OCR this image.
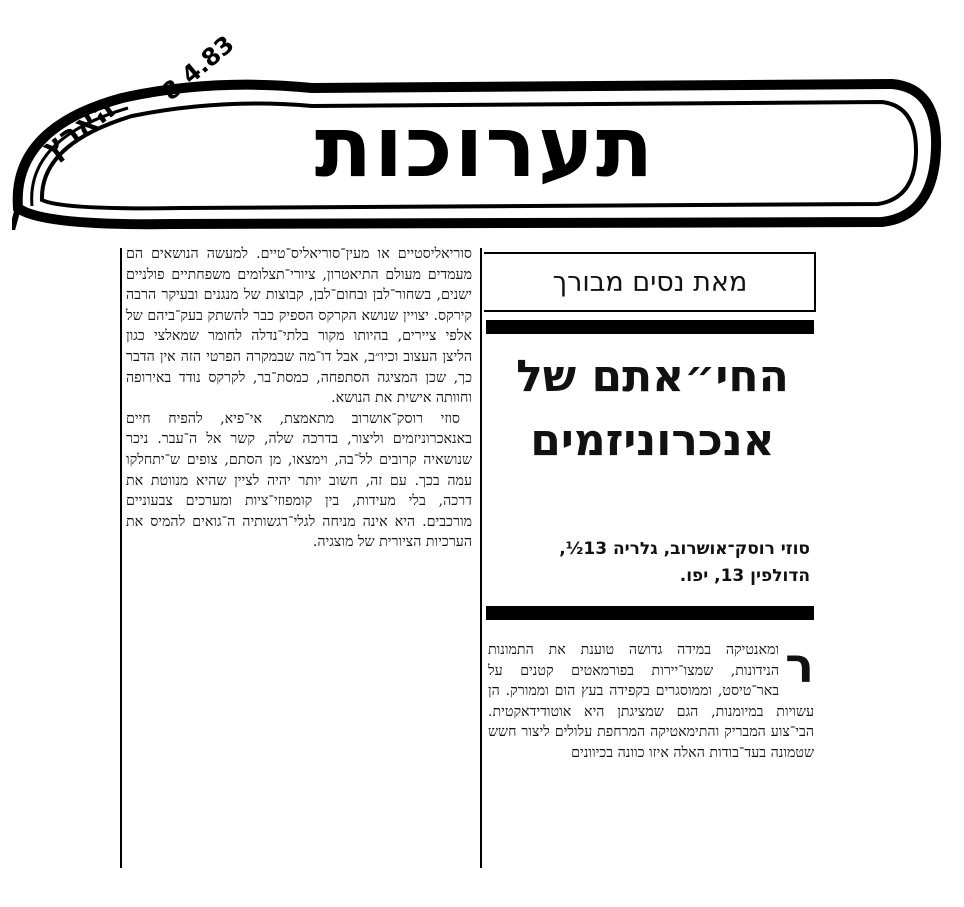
תערוכות
הארץ
8.4.83

סוריאליסטיים או מעין־סוריאליס־טיים. למעשה הנושאים הם מעמדים מעולם התיאטרון, ציורי־תצלומים משפחתיים פולניים ישנים, בשחור־לבן ובחום־לבן, קבוצות של מנגנים ובעיקר הרבה קירקס. יצויין שנושא הקרקס הספיק כבר להשתק בעק־ביהם של אלפי ציירים, בהיותו מקור בלתי־נדלה לחומר שמאלצי כגון הליצן העצוב וכיו״ב, אבל דו־מה שבמקרה הפרטי הזה אין הדבר כך, שכן המציגה הסתפחה, כמסת־בר, לקרקס נודד באירופה וחוותה אישית את הנושא.

סוזי רוסק־אושרוב מתאמצת, אי־פיא, להפיח חיים באנאכרוניזמים וליצור, בדרכה שלה, קשר אל ה־עבר. ניכר שנושאיה קרובים לל־בה, וימצאו, מן הסתם, צופים ש־יתחלקו עמה בכך. עם זה, חשוב יותר יהיה לציין שהיא מנווטת את דרכה, בלי מעידות, בין קומפוזי־ציות ומערכים צבעוניים מורכבים. היא אינה מניחה לגלי־רגשותיה ה־גואים להמיס את הערכיות הציורית של מוצגיה.

מאת נסים מבורך
החי״אתם של
אנכרוניזמים
סוזי רוסק־אושרוב, גלריה 13½,
הדולפין 13, יפו.
ר
ומאנטיקה במידה גדושה טוענת את התמונות הנידונות, שמצו־יירות בפורמאטים קטנים על באר־טיסט, וממוסגרים בקפידה בעץ הום וממורק. הן עשויות במיומנות, הגם שמציגתן היא אוטודידאקטית. הבי־צוע המבריק והתימאטיקה המרחפת עלולים ליצור חשש שטמונה בעד־בודות האלה איזו כוונה בכיוונים
